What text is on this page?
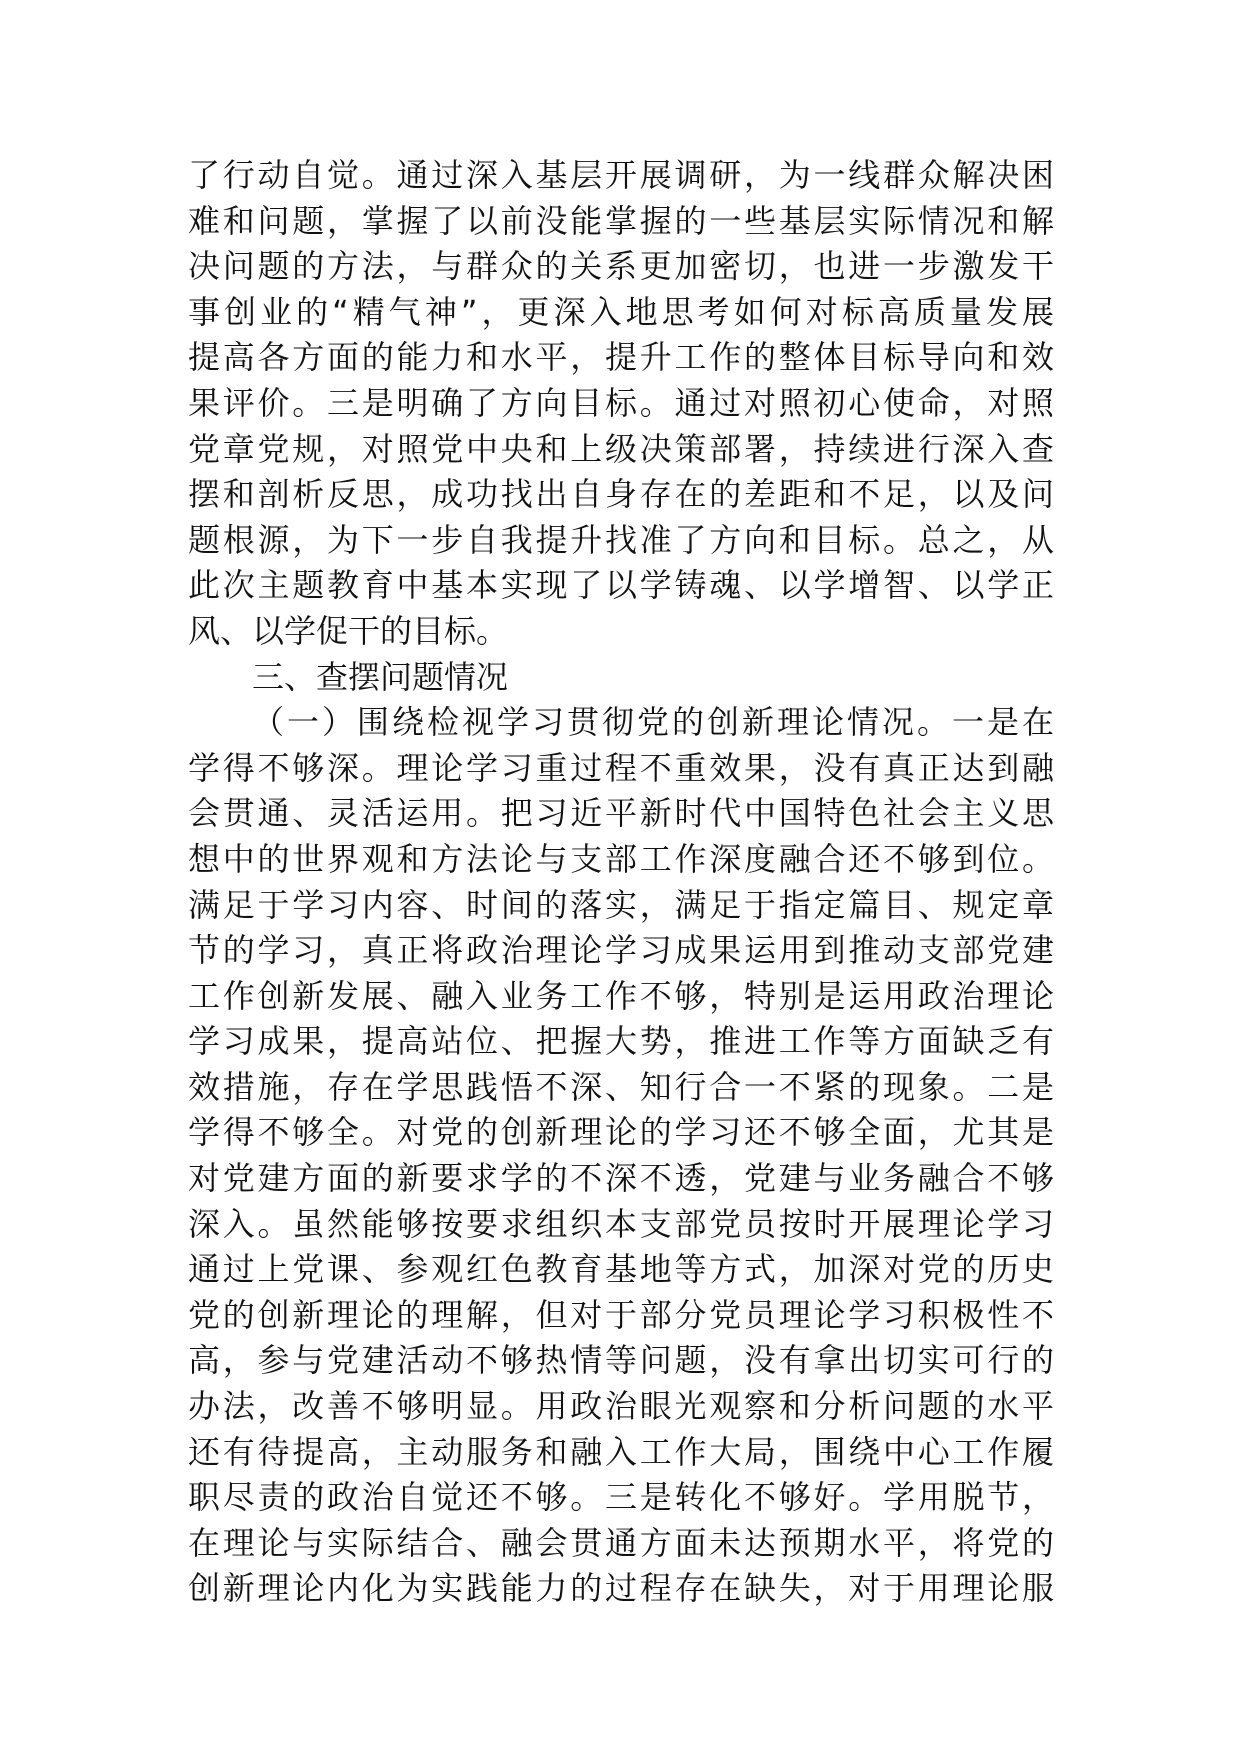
了行动自觉。通过深入基层开展调研，为一线群众解决困
难和问题，掌握了以前没能掌握的一些基层实际情况和解
决问题的方法，与群众的关系更加密切，也进一步激发干
事创业的“精气神”，更深入地思考如何对标高质量发展
提高各方面的能力和水平，提升工作的整体目标导向和效
果评价。三是明确了方向目标。通过对照初心使命，对照
党章党规，对照党中央和上级决策部署，持续进行深入查
摆和剖析反思，成功找出自身存在的差距和不足，以及问
题根源，为下一步自我提升找准了方向和目标。总之，从
此次主题教育中基本实现了以学铸魂、以学增智、以学正
风、以学促干的目标。
三、查摆问题情况
（一）围绕检视学习贯彻党的创新理论情况。一是在
学得不够深。理论学习重过程不重效果，没有真正达到融
会贯通、灵活运用。把习近平新时代中国特色社会主义思
想中的世界观和方法论与支部工作深度融合还不够到位。
满足于学习内容、时间的落实，满足于指定篇目、规定章
节的学习，真正将政治理论学习成果运用到推动支部党建
工作创新发展、融入业务工作不够，特别是运用政治理论
学习成果，提高站位、把握大势，推进工作等方面缺乏有
效措施，存在学思践悟不深、知行合一不紧的现象。二是
学得不够全。对党的创新理论的学习还不够全面，尤其是
对党建方面的新要求学的不深不透，党建与业务融合不够
深入。虽然能够按要求组织本支部党员按时开展理论学习
通过上党课、参观红色教育基地等方式，加深对党的历史
党的创新理论的理解，但对于部分党员理论学习积极性不
高，参与党建活动不够热情等问题，没有拿出切实可行的
办法，改善不够明显。用政治眼光观察和分析问题的水平
还有待提高，主动服务和融入工作大局，围绕中心工作履
职尽责的政治自觉还不够。三是转化不够好。学用脱节，
在理论与实际结合、融会贯通方面未达预期水平，将党的
创新理论内化为实践能力的过程存在缺失，对于用理论服
